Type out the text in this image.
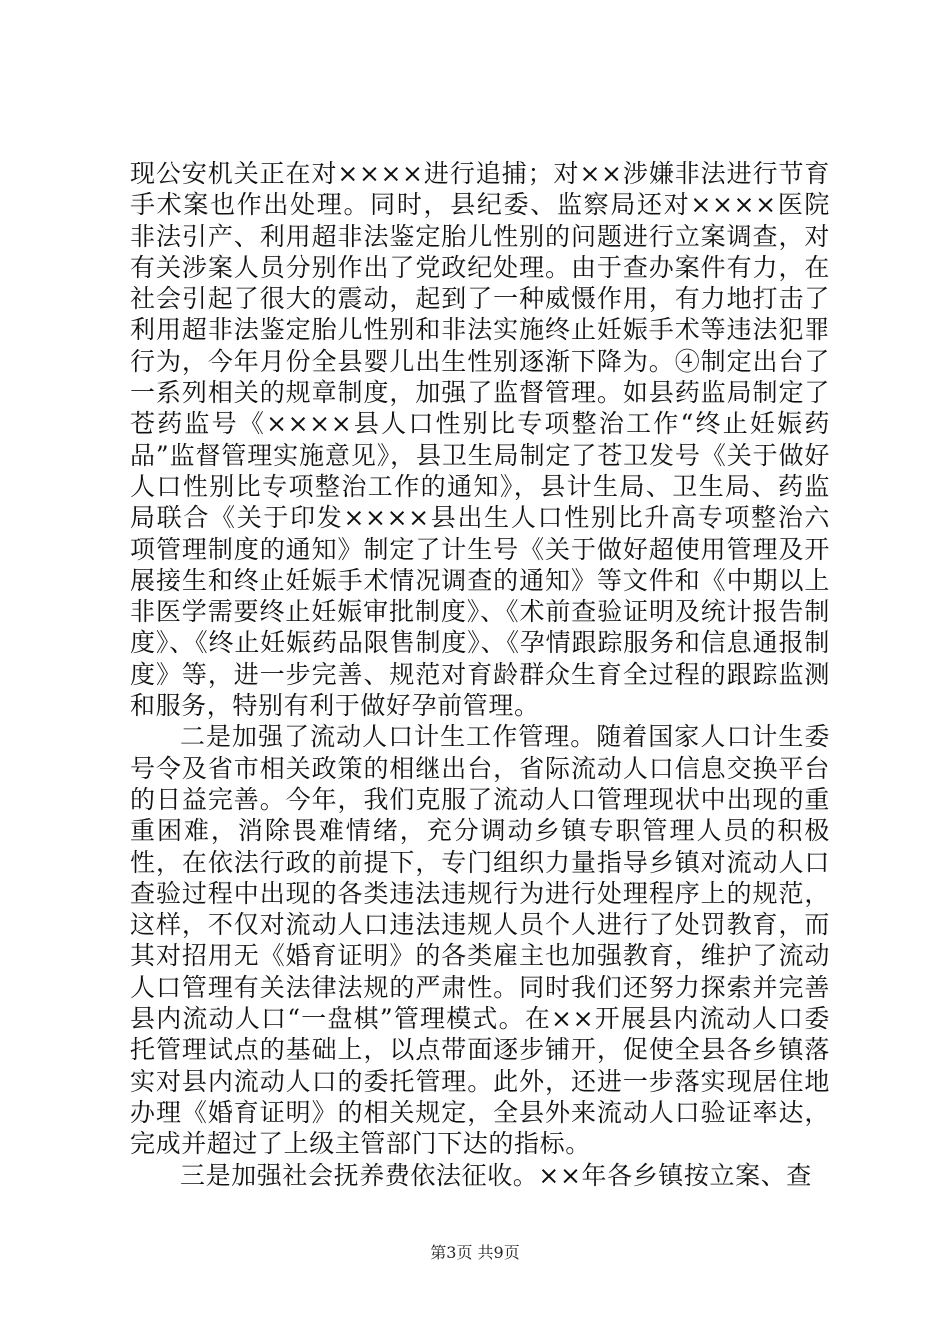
现公安机关正在对××××进行追捕；对××涉嫌非法进行节育手术案也作出处理。同时，县纪委、监察局还对××××医院非法引产、利用超非法鉴定胎儿性别的问题进行立案调查，对有关涉案人员分别作出了党政纪处理。由于查办案件有力，在社会引起了很大的震动，起到了一种威慑作用，有力地打击了利用超非法鉴定胎儿性别和非法实施终止妊娠手术等违法犯罪行为，今年月份全县婴儿出生性别逐渐下降为。④制定出台了一系列相关的规章制度，加强了监督管理。如县药监局制定了苍药监号《××××县人口性别比专项整治工作“终止妊娠药品”监督管理实施意见》，县卫生局制定了苍卫发号《关于做好人口性别比专项整治工作的通知》，县计生局、卫生局、药监局联合《关于印发××××县出生人口性别比升高专项整治六项管理制度的通知》制定了计生号《关于做好超使用管理及开展接生和终止妊娠手术情况调查的通知》等文件和《中期以上非医学需要终止妊娠审批制度》、《术前查验证明及统计报告制度》、《终止妊娠药品限售制度》、《孕情跟踪服务和信息通报制度》等，进一步完善、规范对育龄群众生育全过程的跟踪监测和服务，特别有利于做好孕前管理。

二是加强了流动人口计生工作管理。随着国家人口计生委号令及省市相关政策的相继出台，省际流动人口信息交换平台的日益完善。今年，我们克服了流动人口管理现状中出现的重重困难，消除畏难情绪，充分调动乡镇专职管理人员的积极性，在依法行政的前提下，专门组织力量指导乡镇对流动人口查验过程中出现的各类违法违规行为进行处理程序上的规范，这样，不仅对流动人口违法违规人员个人进行了处罚教育，而其对招用无《婚育证明》的各类雇主也加强教育，维护了流动人口管理有关法律法规的严肃性。同时我们还努力探索并完善县内流动人口“一盘棋”管理模式。在××开展县内流动人口委托管理试点的基础上，以点带面逐步铺开，促使全县各乡镇落实对县内流动人口的委托管理。此外，还进一步落实现居住地办理《婚育证明》的相关规定，全县外来流动人口验证率达，完成并超过了上级主管部门下达的指标。

三是加强社会抚养费依法征收。××年各乡镇按立案、查

第3页 共9页
